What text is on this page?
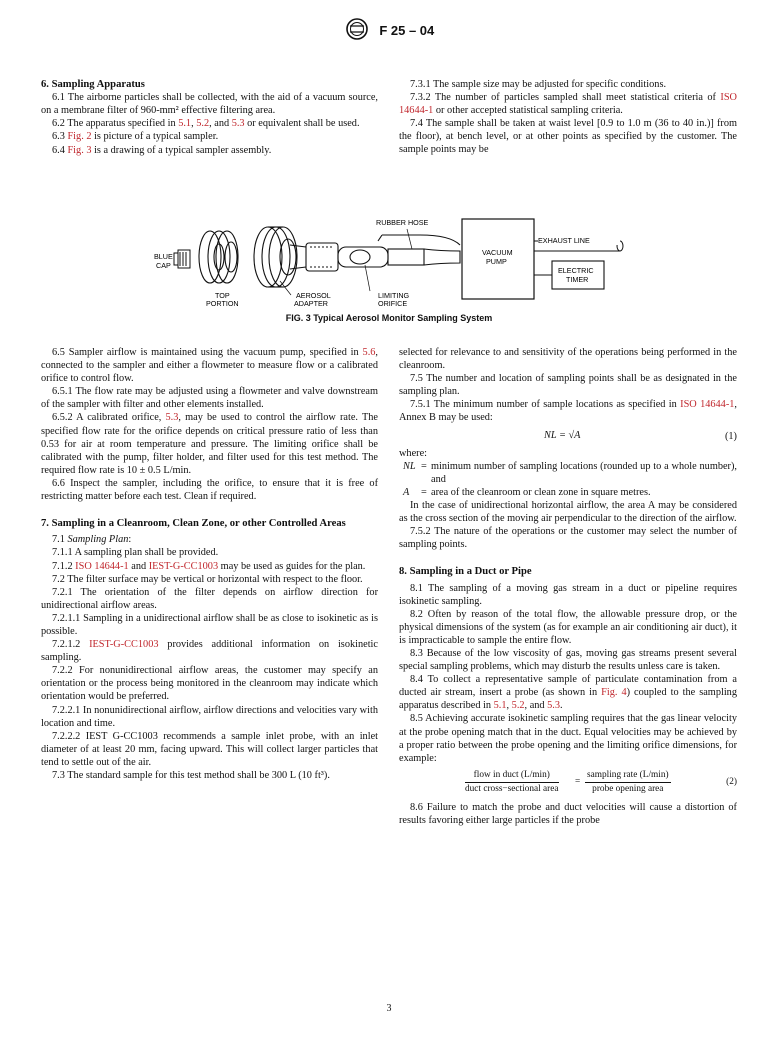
F 25 – 04
6. Sampling Apparatus

6.1 The airborne particles shall be collected, with the aid of a vacuum source, on a membrane filter of 960-mm² effective filtering area.

6.2 The apparatus specified in 5.1, 5.2, and 5.3 or equivalent shall be used.

6.3 Fig. 2 is picture of a typical sampler.

6.4 Fig. 3 is a drawing of a typical sampler assembly.

7.3.1 The sample size may be adjusted for specific conditions.

7.3.2 The number of particles sampled shall meet statistical criteria of ISO 14644-1 or other accepted statistical sampling criteria.

7.4 The sample shall be taken at waist level [0.9 to 1.0 m (36 to 40 in.)] from the floor), at bench level, or at other points as specified by the customer. The sample points may be

RUBBER HOSE
EXHAUST LINE
BLUE
CAP
VACUUM
PUMP
ELECTRIC
TIMER
TOP
PORTION
AEROSOL
ADAPTER
LIMITING
ORIFICE
FIG. 3 Typical Aerosol Monitor Sampling System

6.5 Sampler airflow is maintained using the vacuum pump, specified in 5.6, connected to the sampler and either a flowmeter to measure flow or a calibrated orifice to control flow.

6.5.1 The flow rate may be adjusted using a flowmeter and valve downstream of the sampler with filter and other elements installed.

6.5.2 A calibrated orifice, 5.3, may be used to control the airflow rate. The specified flow rate for the orifice depends on critical pressure ratio of less than 0.53 for air at room temperature and pressure. The limiting orifice shall be calibrated with the pump, filter holder, and filter used for this test method. The required flow rate is 10 ± 0.5 L/min.

6.6 Inspect the sampler, including the orifice, to ensure that it is free of restricting matter before each test. Clean if required.

7. Sampling in a Cleanroom, Clean Zone, or other Controlled Areas

7.1 Sampling Plan:

7.1.1 A sampling plan shall be provided.

7.1.2 ISO 14644-1 and IEST-G-CC1003 may be used as guides for the plan.

7.2 The filter surface may be vertical or horizontal with respect to the floor.

7.2.1 The orientation of the filter depends on airflow direction for unidirectional airflow areas.

7.2.1.1 Sampling in a unidirectional airflow shall be as close to isokinetic as is possible.

7.2.1.2 IEST-G-CC1003 provides additional information on isokinetic sampling.

7.2.2 For nonunidirectional airflow areas, the customer may specify an orientation or the process being monitored in the cleanroom may indicate which orientation would be preferred.

7.2.2.1 In nonunidirectional airflow, airflow directions and velocities vary with location and time.

7.2.2.2 IEST G-CC1003 recommends a sample inlet probe, with an inlet diameter of at least 20 mm, facing upward. This will collect larger particles that tend to settle out of the air.

7.3 The standard sample for this test method shall be 300 L (10 ft³).

selected for relevance to and sensitivity of the operations being performed in the cleanroom.

7.5 The number and location of sampling points shall be as designated in the sampling plan.

7.5.1 The minimum number of sample locations as specified in ISO 14644-1, Annex B may be used:

NL = √A	(1)

where:

NL = minimum number of sampling locations (rounded up to a whole number), and
A = area of the cleanroom or clean zone in square metres.

In the case of unidirectional horizontal airflow, the area A may be considered as the cross section of the moving air perpendicular to the direction of the airflow.

7.5.2 The nature of the operations or the customer may select the number of sampling points.

8. Sampling in a Duct or Pipe

8.1 The sampling of a moving gas stream in a duct or pipeline requires isokinetic sampling.

8.2 Often by reason of the total flow, the allowable pressure drop, or the physical dimensions of the system (as for example an air conditioning air duct), it is impracticable to sample the entire flow.

8.3 Because of the low viscosity of gas, moving gas streams present several special sampling problems, which may disturb the results unless care is taken.

8.4 To collect a representative sample of particulate contamination from a ducted air stream, insert a probe (as shown in Fig. 4) coupled to the sampling apparatus described in 5.1, 5.2, and 5.3.

8.5 Achieving accurate isokinetic sampling requires that the gas linear velocity at the probe opening match that in the duct. Equal velocities may be achieved by a proper ratio between the probe opening and the limiting orifice dimensions, for example:

flow in duct (L/min)
duct cross−sectional area
=
sampling rate (L/min)
probe opening area
(2)

8.6 Failure to match the probe and duct velocities will cause a distortion of results favoring either large particles if the probe

3
